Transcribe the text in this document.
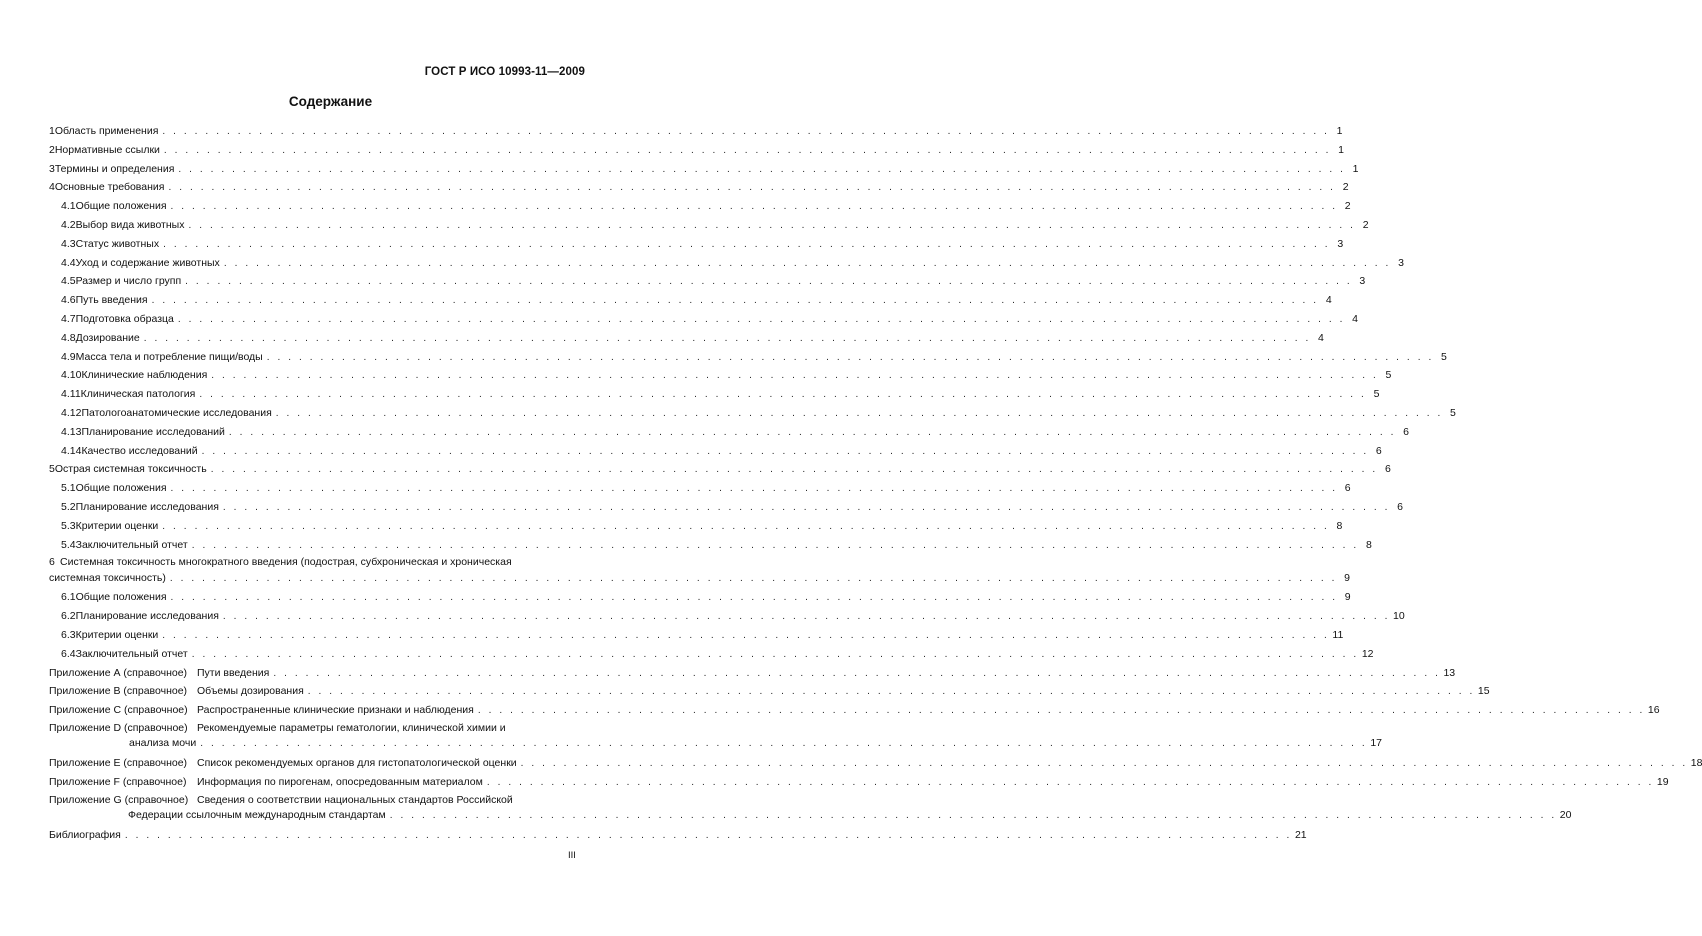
ГОСТ Р ИСО 10993-11—2009
Содержание
1 Область применения . . . . . . . . . . . . . . . . . . . . . . . . . . . . . . . . . . . . . . . . . . . . . . . . . . . . . . . . . . . . . . . . . . . . . . . . . . . . . . . . . . . . . . . . . . . . . . . . . . . . . . . . . . . . . 1
2 Нормативные ссылки . . . . . . . . . . . . . . . . . . . . . . . . . . . . . . . . . . . . . . . . . . . . . . . . . . . . . . . . . . . . . . . . . . . . . . . . . . . . . . . . . . . . . . . . . . . . . . . . . . . . . . . . . . . . . 1
3 Термины и определения . . . . . . . . . . . . . . . . . . . . . . . . . . . . . . . . . . . . . . . . . . . . . . . . . . . . . . . . . . . . . . . . . . . . . . . . . . . . . . . . . . . . . . . . . . . . . . . . . . . . . . . . . . . . . 1
4 Основные требования . . . . . . . . . . . . . . . . . . . . . . . . . . . . . . . . . . . . . . . . . . . . . . . . . . . . . . . . . . . . . . . . . . . . . . . . . . . . . . . . . . . . . . . . . . . . . . . . . . . . . . . . . . . . . 2
4.1 Общие положения . . . . . . . . . . . . . . . . . . . . . . . . . . . . . . . . . . . . . . . . . . . . . . . . . . . . . . . . . . . . . . . . . . . . . . . . . . . . . . . . . . . . . . . . . . . . . . . . . . . . . . . . . . . . . 2
4.2 Выбор вида животных . . . . . . . . . . . . . . . . . . . . . . . . . . . . . . . . . . . . . . . . . . . . . . . . . . . . . . . . . . . . . . . . . . . . . . . . . . . . . . . . . . . . . . . . . . . . . . . . . . . . . . . . . . . . . 2
4.3 Статус животных . . . . . . . . . . . . . . . . . . . . . . . . . . . . . . . . . . . . . . . . . . . . . . . . . . . . . . . . . . . . . . . . . . . . . . . . . . . . . . . . . . . . . . . . . . . . . . . . . . . . . . . . . . . . . 3
4.4 Уход и содержание животных . . . . . . . . . . . . . . . . . . . . . . . . . . . . . . . . . . . . . . . . . . . . . . . . . . . . . . . . . . . . . . . . . . . . . . . . . . . . . . . . . . . . . . . . . . . . . . . . . . . . . . . . . . . . . 3
4.5 Размер и число групп . . . . . . . . . . . . . . . . . . . . . . . . . . . . . . . . . . . . . . . . . . . . . . . . . . . . . . . . . . . . . . . . . . . . . . . . . . . . . . . . . . . . . . . . . . . . . . . . . . . . . . . . . . . . . 3
4.6 Путь введения . . . . . . . . . . . . . . . . . . . . . . . . . . . . . . . . . . . . . . . . . . . . . . . . . . . . . . . . . . . . . . . . . . . . . . . . . . . . . . . . . . . . . . . . . . . . . . . . . . . . . . . . . . . . . 4
4.7 Подготовка образца . . . . . . . . . . . . . . . . . . . . . . . . . . . . . . . . . . . . . . . . . . . . . . . . . . . . . . . . . . . . . . . . . . . . . . . . . . . . . . . . . . . . . . . . . . . . . . . . . . . . . . . . . . . . . 4
4.8 Дозирование . . . . . . . . . . . . . . . . . . . . . . . . . . . . . . . . . . . . . . . . . . . . . . . . . . . . . . . . . . . . . . . . . . . . . . . . . . . . . . . . . . . . . . . . . . . . . . . . . . . . . . . . . . . . . 4
4.9 Масса тела и потребление пищи/воды . . . . . . . . . . . . . . . . . . . . . . . . . . . . . . . . . . . . . . . . . . . . . . . . . . . . . . . . . . . . . . . . . . . . . . . . . . . . . . . . . . . . . . . . . . . . . . . . . . . . . . . . . . . . . 5
4.10 Клинические наблюдения . . . . . . . . . . . . . . . . . . . . . . . . . . . . . . . . . . . . . . . . . . . . . . . . . . . . . . . . . . . . . . . . . . . . . . . . . . . . . . . . . . . . . . . . . . . . . . . . . . . . . . . . . . . . . 5
4.11 Клиническая патология . . . . . . . . . . . . . . . . . . . . . . . . . . . . . . . . . . . . . . . . . . . . . . . . . . . . . . . . . . . . . . . . . . . . . . . . . . . . . . . . . . . . . . . . . . . . . . . . . . . . . . . . . . . . . 5
4.12 Патологоанатомические исследования . . . . . . . . . . . . . . . . . . . . . . . . . . . . . . . . . . . . . . . . . . . . . . . . . . . . . . . . . . . . . . . . . . . . . . . . . . . . . . . . . . . . . . . . . . . . . . . . . . . . . . . . . . . . . 5
4.13 Планирование исследований . . . . . . . . . . . . . . . . . . . . . . . . . . . . . . . . . . . . . . . . . . . . . . . . . . . . . . . . . . . . . . . . . . . . . . . . . . . . . . . . . . . . . . . . . . . . . . . . . . . . . . . . . . . . . 6
4.14 Качество исследований . . . . . . . . . . . . . . . . . . . . . . . . . . . . . . . . . . . . . . . . . . . . . . . . . . . . . . . . . . . . . . . . . . . . . . . . . . . . . . . . . . . . . . . . . . . . . . . . . . . . . . . . . . . . . 6
5 Острая системная токсичность . . . . . . . . . . . . . . . . . . . . . . . . . . . . . . . . . . . . . . . . . . . . . . . . . . . . . . . . . . . . . . . . . . . . . . . . . . . . . . . . . . . . . . . . . . . . . . . . . . . . . . . . . . . . . 6
5.1 Общие положения . . . . . . . . . . . . . . . . . . . . . . . . . . . . . . . . . . . . . . . . . . . . . . . . . . . . . . . . . . . . . . . . . . . . . . . . . . . . . . . . . . . . . . . . . . . . . . . . . . . . . . . . . . . . . 6
5.2 Планирование исследования . . . . . . . . . . . . . . . . . . . . . . . . . . . . . . . . . . . . . . . . . . . . . . . . . . . . . . . . . . . . . . . . . . . . . . . . . . . . . . . . . . . . . . . . . . . . . . . . . . . . . . . . . . . . . 6
5.3 Критерии оценки . . . . . . . . . . . . . . . . . . . . . . . . . . . . . . . . . . . . . . . . . . . . . . . . . . . . . . . . . . . . . . . . . . . . . . . . . . . . . . . . . . . . . . . . . . . . . . . . . . . . . . . . . . . . . 8
5.4 Заключительный отчет . . . . . . . . . . . . . . . . . . . . . . . . . . . . . . . . . . . . . . . . . . . . . . . . . . . . . . . . . . . . . . . . . . . . . . . . . . . . . . . . . . . . . . . . . . . . . . . . . . . . . . . . . . . . . 8
6 Системная токсичность многократного введения (подострая, субхроническая и хроническая
системная токсичность) . . . . . . . . . . . . . . . . . . . . . . . . . . . . . . . . . . . . . . . . . . . . . . . . . . . . . . . . . . . . . . . . . . . . . . . . . . . . . . . . . . . . . . . . . . . . . . . . . . . . . . . . . . . . . 9
6.1 Общие положения . . . . . . . . . . . . . . . . . . . . . . . . . . . . . . . . . . . . . . . . . . . . . . . . . . . . . . . . . . . . . . . . . . . . . . . . . . . . . . . . . . . . . . . . . . . . . . . . . . . . . . . . . . . . . 9
6.2 Планирование исследования . . . . . . . . . . . . . . . . . . . . . . . . . . . . . . . . . . . . . . . . . . . . . . . . . . . . . . . . . . . . . . . . . . . . . . . . . . . . . . . . . . . . . . . . . . . . . . . . . . . . . . . . . . . . . 10
6.3 Критерии оценки . . . . . . . . . . . . . . . . . . . . . . . . . . . . . . . . . . . . . . . . . . . . . . . . . . . . . . . . . . . . . . . . . . . . . . . . . . . . . . . . . . . . . . . . . . . . . . . . . . . . . . . . . . . . . 11
6.4 Заключительный отчет . . . . . . . . . . . . . . . . . . . . . . . . . . . . . . . . . . . . . . . . . . . . . . . . . . . . . . . . . . . . . . . . . . . . . . . . . . . . . . . . . . . . . . . . . . . . . . . . . . . . . . . . . . . . . 12
Приложение А (справочное) Пути введения . . . . . . . . . . . . . . . . . . . . . . . . . . . . . . . . . . . . . . . . . . . . . . . . . . . . . . . . . . . . . . . . . . . . . . . . . . . . . . . . . . . . . . . . . . . . . . . . . . . . . . . . . . . . . 13
Приложение В (справочное) Объемы дозирования . . . . . . . . . . . . . . . . . . . . . . . . . . . . . . . . . . . . . . . . . . . . . . . . . . . . . . . . . . . . . . . . . . . . . . . . . . . . . . . . . . . . . . . . . . . . . . . . . . . . . . . . . . . . . 15
Приложение С (справочное) Распространенные клинические признаки и наблюдения . . . . . . . . . . . . . . . . . . . . . . . . . . . . . . . . . . . . . . . . . . . . . . . . . . . . . . . . . . . . . . . . . . . . . . . . . . . . . . . . . . . . . . . . . . . . . . . . . . . . . . . . . . . . . 16
Приложение D (справочное) Рекомендуемые параметры гематологии, клинической химии и
анализа мочи . . . . . . . . . . . . . . . . . . . . . . . . . . . . . . . . . . . . . . . . . . . . . . . . . . . . . . . . . . . . . . . . . . . . . . . . . . . . . . . . . . . . . . . . . . . . . . . . . . . . . . . . . . . . . 17
Приложение E (справочное) Список рекомендуемых органов для гистопатологической оценки . . . . . . . . . . . . . . . . . . . . . . . . . . . . . . . . . . . . . . . . . . . . . . . . . . . . . . . . . . . . . . . . . . . . . . . . . . . . . . . . . . . . . . . . . . . . . . . . . . . . . . . . . . . . . 18
Приложение F (справочное)	Информация по пирогенам, опосредованным материалом . . . . . . . . . . . . . . . . . . . . . . . . . . . . . . . . . . . . . . . . . . . . . . . . . . . . . . . . . . . . . . . . . . . . . . . . . . . . . . . . . . . . . . . . . . . . . . . . . . . . . . . . . . . . . 19
Приложение G (справочное) Сведения о соответствии национальных стандартов Российской
Федерации ссылочным международным стандартам . . . . . . . . . . . . . . . . . . . . . . . . . . . . . . . . . . . . . . . . . . . . . . . . . . . . . . . . . . . . . . . . . . . . . . . . . . . . . . . . . . . . . . . . . . . . . . . . . . . . . . . . . . . . . 20
Библиография . . . . . . . . . . . . . . . . . . . . . . . . . . . . . . . . . . . . . . . . . . . . . . . . . . . . . . . . . . . . . . . . . . . . . . . . . . . . . . . . . . . . . . . . . . . . . . . . . . . . . . . . . . . . . 21
III
